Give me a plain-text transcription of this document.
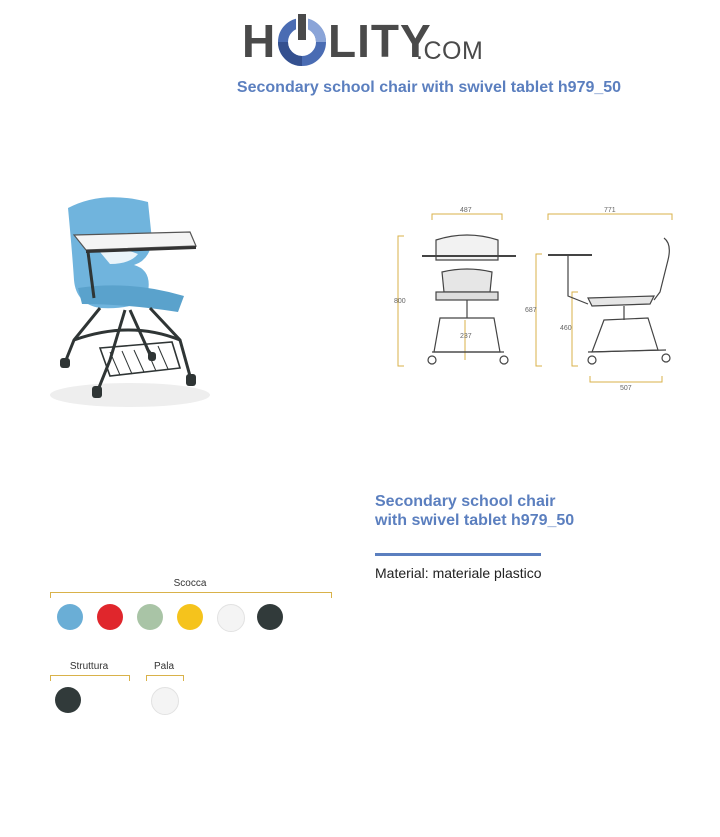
H LITY
.COM
Secondary school chair with swivel tablet h979_50
487	771
800
687
460
237
507
Secondary school chair with swivel tablet h979_50
Material: materiale plastico
Scocca
Struttura	Pala
